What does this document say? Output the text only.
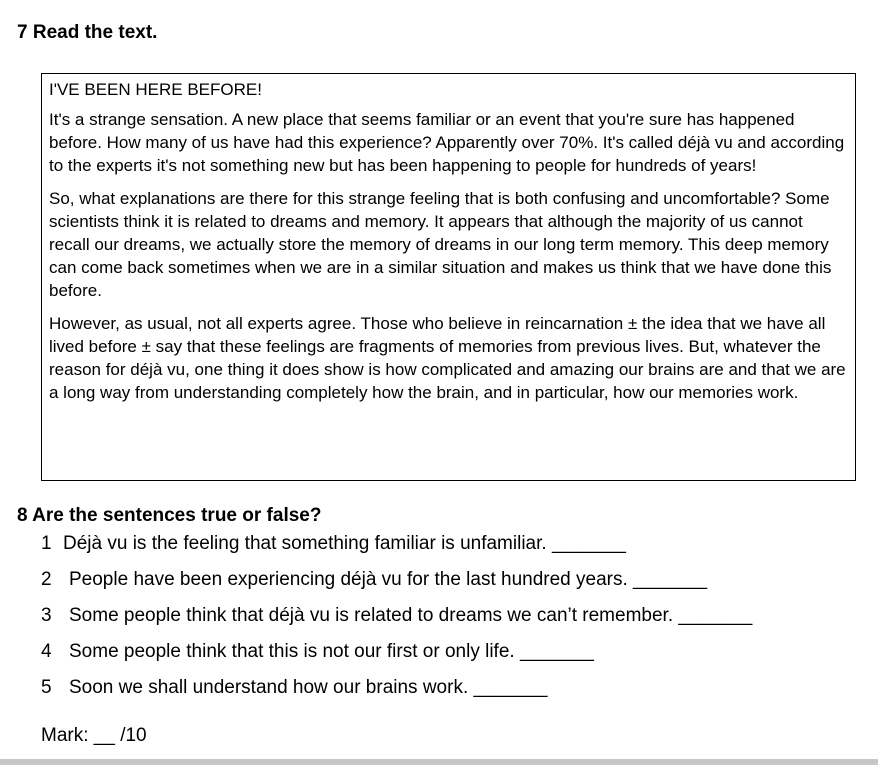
7 Read the text.

I'VE BEEN HERE BEFORE!

It's a strange sensation. A new place that seems familiar or an event that you're sure has happened before. How many of us have had this experience? Apparently over 70%. It's called déjà vu and according to the experts it's not something new but has been happening to people for hundreds of years!

So, what explanations are there for this strange feeling that is both confusing and uncomfortable? Some scientists think it is related to dreams and memory. It appears that although the majority of us cannot recall our dreams, we actually store the memory of dreams in our long term memory. This deep memory can come back sometimes when we are in a similar situation and makes us think that we have done this before.

However, as usual, not all experts agree. Those who believe in reincarnation ± the idea that we have all lived before ± say that these feelings are fragments of memories from previous lives. But, whatever the reason for déjà vu, one thing it does show is how complicated and amazing our brains are and that we are a long way from understanding completely how the brain, and in particular, how our memories work.

8 Are the sentences true or false?
1 Déjà vu is the feeling that something familiar is unfamiliar. _______
2 People have been experiencing déjà vu for the last hundred years. _______
3 Some people think that déjà vu is related to dreams we can’t remember. _______
4 Some people think that this is not our first or only life. _______
5 Soon we shall understand how our brains work. _______
Mark: __ /10
